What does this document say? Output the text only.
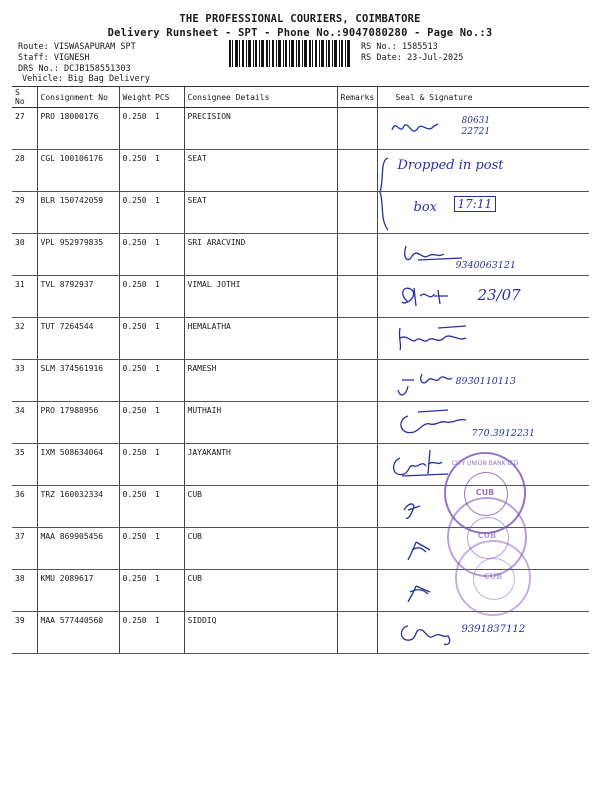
THE PROFESSIONAL COURIERS, COIMBATORE
Delivery Runsheet - SPT - Phone No.:9047080280 - Page No.:3
Route: VISWASAPURAM SPT
Staff: VIGNESH
DRS No.: DCJB15855130З
Vehicle: Big Bag Delivery
RS No.: 1585513
RS Date: 23-Jul-2025
S No	Consignment No	Weight	PCS	Consignee Details	Remarks	Seal & Signature
27	PRO 18000176	0.250	1	PRECISION		80631 22721

28	CGL 100106176	0.250	1	SEAT		Dropped in post
box 17:11

29	BLR 150742059	0.250	1	SEAT		
30	VPL 952979835	0.250	1	SRI ARACVIND		9340063121

31	TVL 8792937	0.250	1	VIMAL JOTHI		23/07

32	TUT 7264544	0.250	1	HEMALATHA		

33	SLM 374561916	0.250	1	RAMESH		8930110113

34	PRO 17988956	0.250	1	MUTHAIH		770.3912231

35	IXM 508634064	0.250	1	JAYAKANTH		

36	TRZ 160032334	0.250	1	CUB		

37	MAA 869905456	0.250	1	CUB		

38	KMU 2089617	0.250	1	CUB		

39	MAA 577440560	0.250	1	SIDDIQ		9391837112
CITY UNION BANK LTD
CUB
CUB
CUB
